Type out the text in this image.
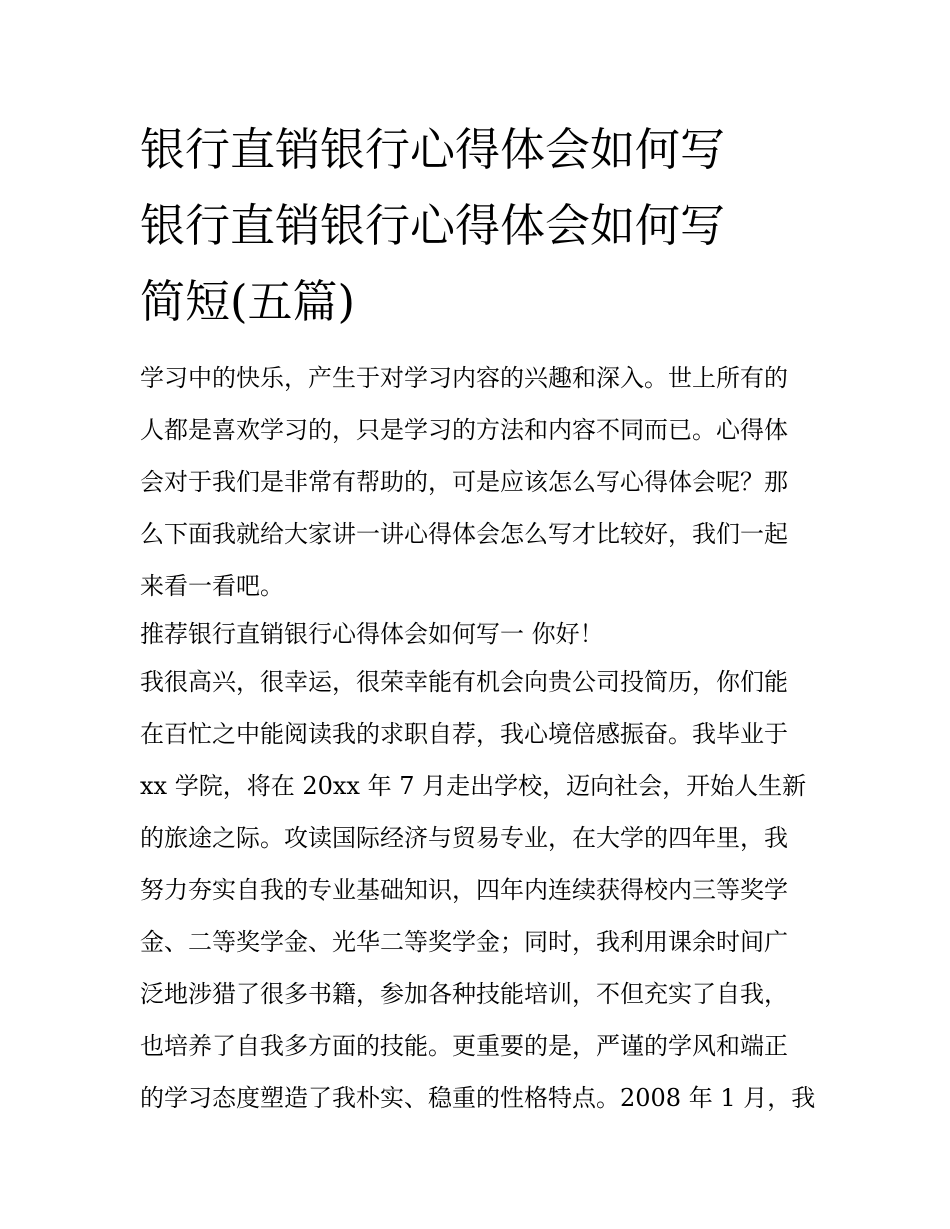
银行直销银行心得体会如何写
银行直销银行心得体会如何写
简短(五篇)
学习中的快乐，产生于对学习内容的兴趣和深入。世上所有的
人都是喜欢学习的，只是学习的方法和内容不同而已。心得体
会对于我们是非常有帮助的，可是应该怎么写心得体会呢？那
么下面我就给大家讲一讲心得体会怎么写才比较好，我们一起
来看一看吧。
推荐银行直销银行心得体会如何写一 你好！
我很高兴，很幸运，很荣幸能有机会向贵公司投简历，你们能
在百忙之中能阅读我的求职自荐，我心境倍感振奋。我毕业于
xx 学院，将在 20xx 年 7 月走出学校，迈向社会，开始人生新
的旅途之际。攻读国际经济与贸易专业，在大学的四年里，我
努力夯实自我的专业基础知识，四年内连续获得校内三等奖学
金、二等奖学金、光华二等奖学金；同时，我利用课余时间广
泛地涉猎了很多书籍，参加各种技能培训，不但充实了自我，
也培养了自我多方面的技能。更重要的是，严谨的学风和端正
的学习态度塑造了我朴实、稳重的性格特点。2008 年 1 月，我
